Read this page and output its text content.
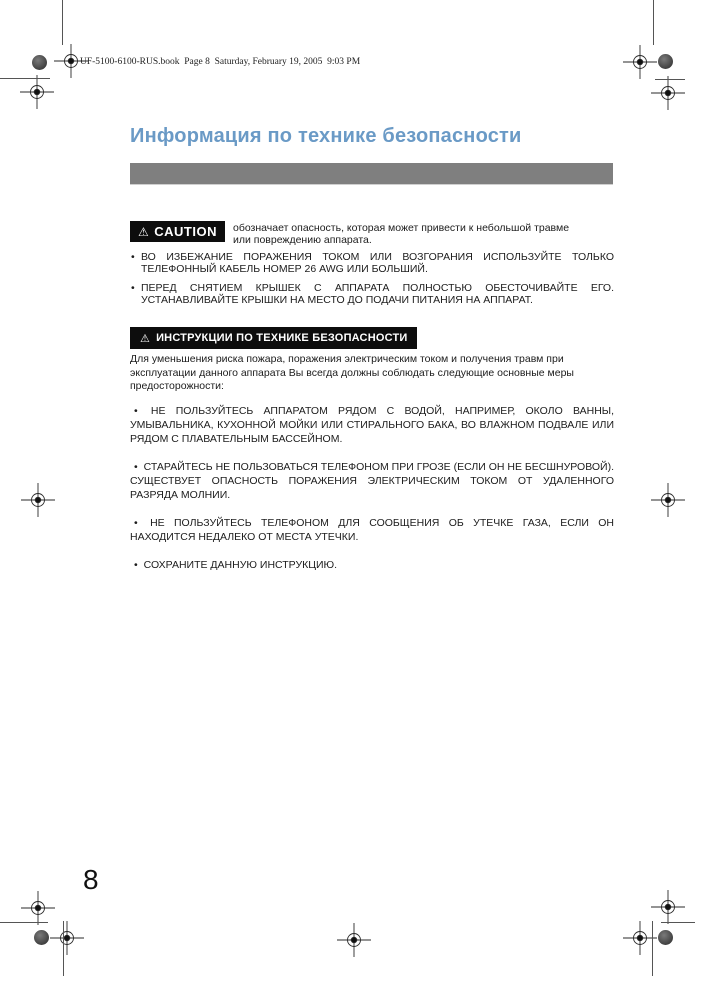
UF-5100-6100-RUS.book  Page 8  Saturday, February 19, 2005  9:03 PM
Информация по технике безопасности
⚠ CAUTION обозначает опасность, которая может привести к небольшой травме или повреждению аппарата.
• ВО ИЗБЕЖАНИЕ ПОРАЖЕНИЯ ТОКОМ ИЛИ ВОЗГОРАНИЯ ИСПОЛЬЗУЙТЕ ТОЛЬКО ТЕЛЕФОННЫЙ КАБЕЛЬ НОМЕР 26 AWG ИЛИ БОЛЬШИЙ.
• ПЕРЕД СНЯТИЕМ КРЫШЕК С АППАРАТА ПОЛНОСТЬЮ ОБЕСТОЧИВАЙТЕ ЕГО. УСТАНАВЛИВАЙТЕ КРЫШКИ НА МЕСТО ДО ПОДАЧИ ПИТАНИЯ НА АППАРАТ.
⚠ ИНСТРУКЦИИ ПО ТЕХНИКЕ БЕЗОПАСНОСТИ
Для уменьшения риска пожара, поражения электрическим током и получения травм при эксплуатации данного аппарата Вы всегда должны соблюдать следующие основные меры предосторожности:
• НЕ ПОЛЬЗУЙТЕСЬ АППАРАТОМ РЯДОМ С ВОДОЙ, НАПРИМЕР, ОКОЛО ВАННЫ, УМЫВАЛЬНИКА, КУХОННОЙ МОЙКИ ИЛИ СТИРАЛЬНОГО БАКА, ВО ВЛАЖНОМ ПОДВАЛЕ ИЛИ РЯДОМ С ПЛАВАТЕЛЬНЫМ БАССЕЙНОМ.
• СТАРАЙТЕСЬ НЕ ПОЛЬЗОВАТЬСЯ ТЕЛЕФОНОМ ПРИ ГРОЗЕ (ЕСЛИ ОН НЕ БЕСШНУРОВОЙ). СУЩЕСТВУЕТ ОПАСНОСТЬ ПОРАЖЕНИЯ ЭЛЕКТРИЧЕСКИМ ТОКОМ ОТ УДАЛЕННОГО РАЗРЯДА МОЛНИИ.
• НЕ ПОЛЬЗУЙТЕСЬ ТЕЛЕФОНОМ ДЛЯ СООБЩЕНИЯ ОБ УТЕЧКЕ ГАЗА, ЕСЛИ ОН НАХОДИТСЯ НЕДАЛЕКО ОТ МЕСТА УТЕЧКИ.
• СОХРАНИТЕ ДАННУЮ ИНСТРУКЦИЮ.
8
